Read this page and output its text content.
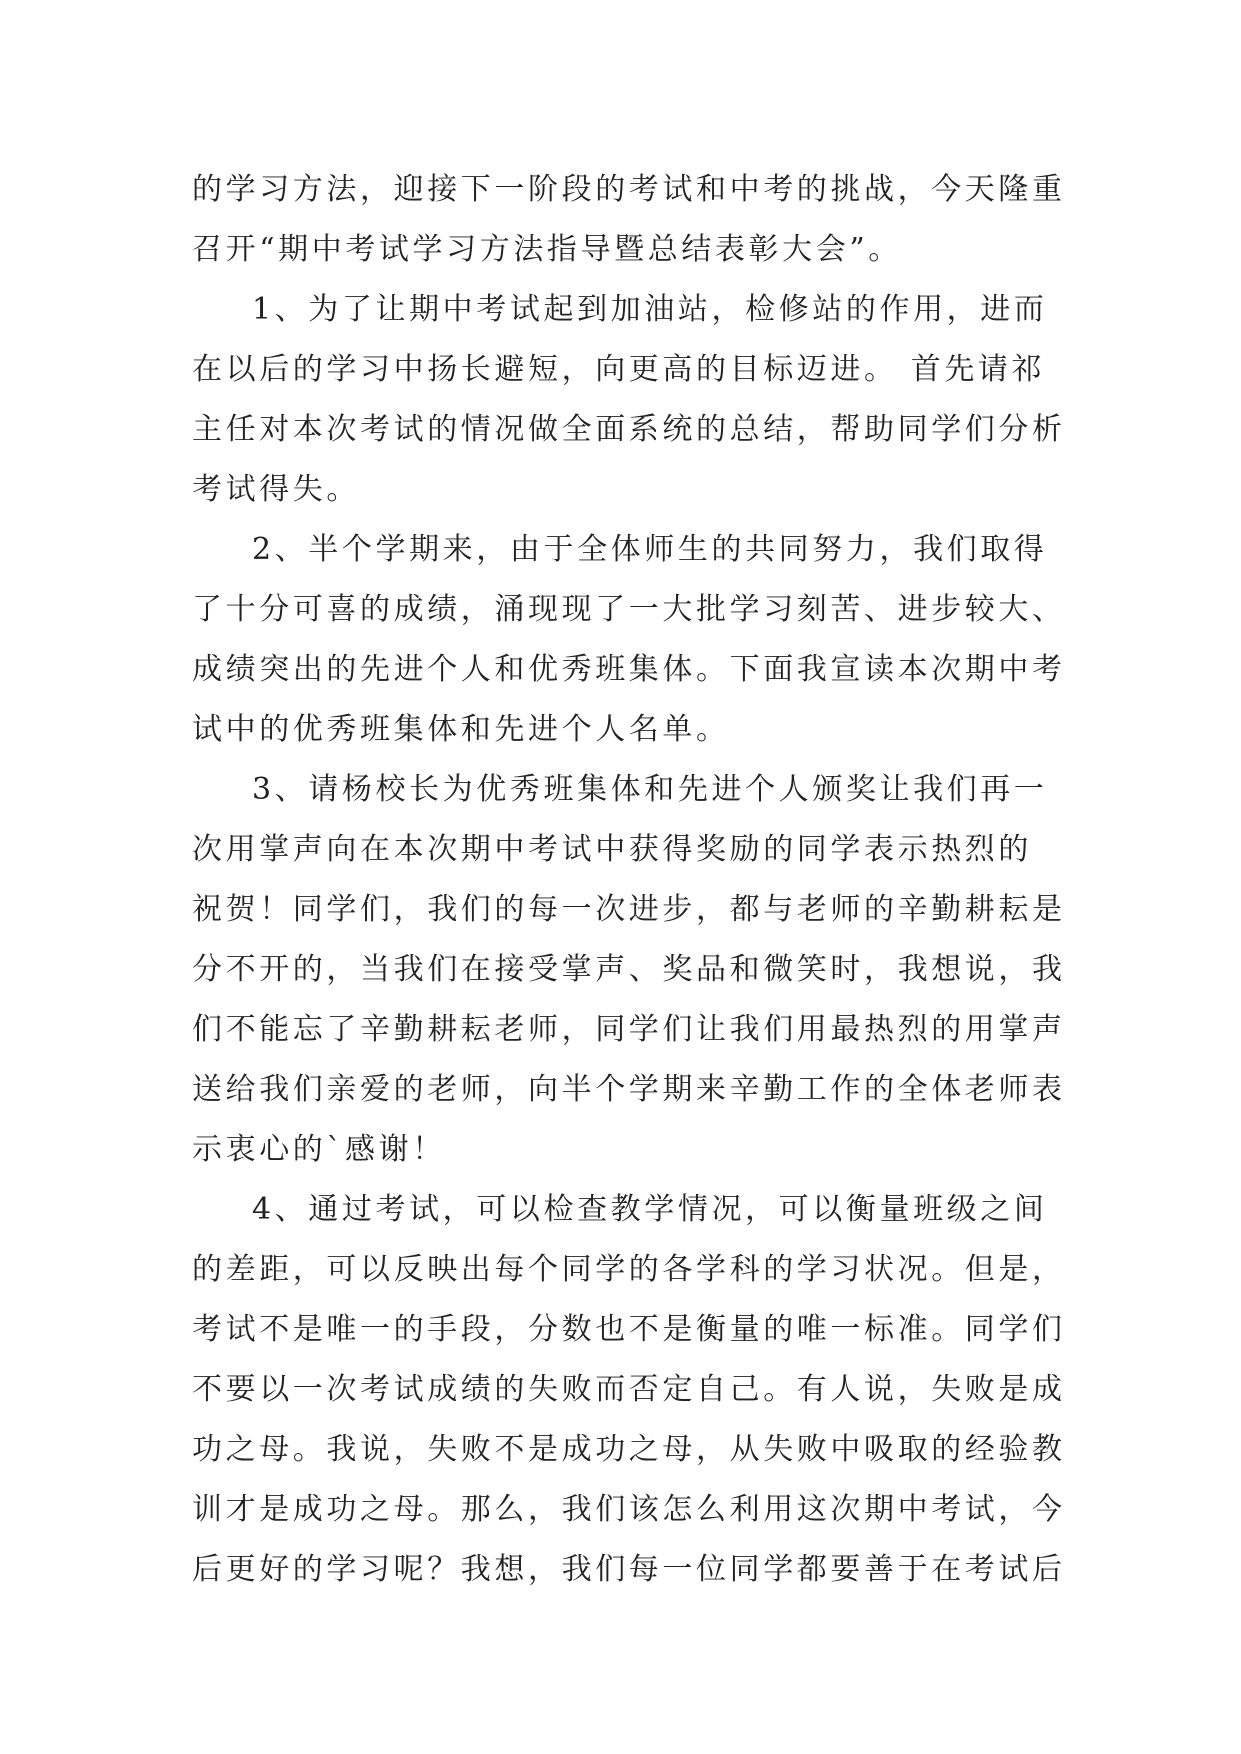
的学习方法，迎接下一阶段的考试和中考的挑战，今天隆重
召开“期中考试学习方法指导暨总结表彰大会”。
1、为了让期中考试起到加油站，检修站的作用，进而
在以后的学习中扬长避短，向更高的目标迈进。 首先请祁
主任对本次考试的情况做全面系统的总结，帮助同学们分析
考试得失。
2、半个学期来，由于全体师生的共同努力，我们取得
了十分可喜的成绩，涌现现了一大批学习刻苦、进步较大、
成绩突出的先进个人和优秀班集体。下面我宣读本次期中考
试中的优秀班集体和先进个人名单。
3、请杨校长为优秀班集体和先进个人颁奖让我们再一
次用掌声向在本次期中考试中获得奖励的同学表示热烈的
祝贺！同学们，我们的每一次进步，都与老师的辛勤耕耘是
分不开的，当我们在接受掌声、奖品和微笑时，我想说，我
们不能忘了辛勤耕耘老师，同学们让我们用最热烈的用掌声
送给我们亲爱的老师，向半个学期来辛勤工作的全体老师表
示衷心的`感谢！
4、通过考试，可以检查教学情况，可以衡量班级之间
的差距，可以反映出每个同学的各学科的学习状况。但是，
考试不是唯一的手段，分数也不是衡量的唯一标准。同学们
不要以一次考试成绩的失败而否定自己。有人说，失败是成
功之母。我说，失败不是成功之母，从失败中吸取的经验教
训才是成功之母。那么，我们该怎么利用这次期中考试，今
后更好的学习呢？我想，我们每一位同学都要善于在考试后
